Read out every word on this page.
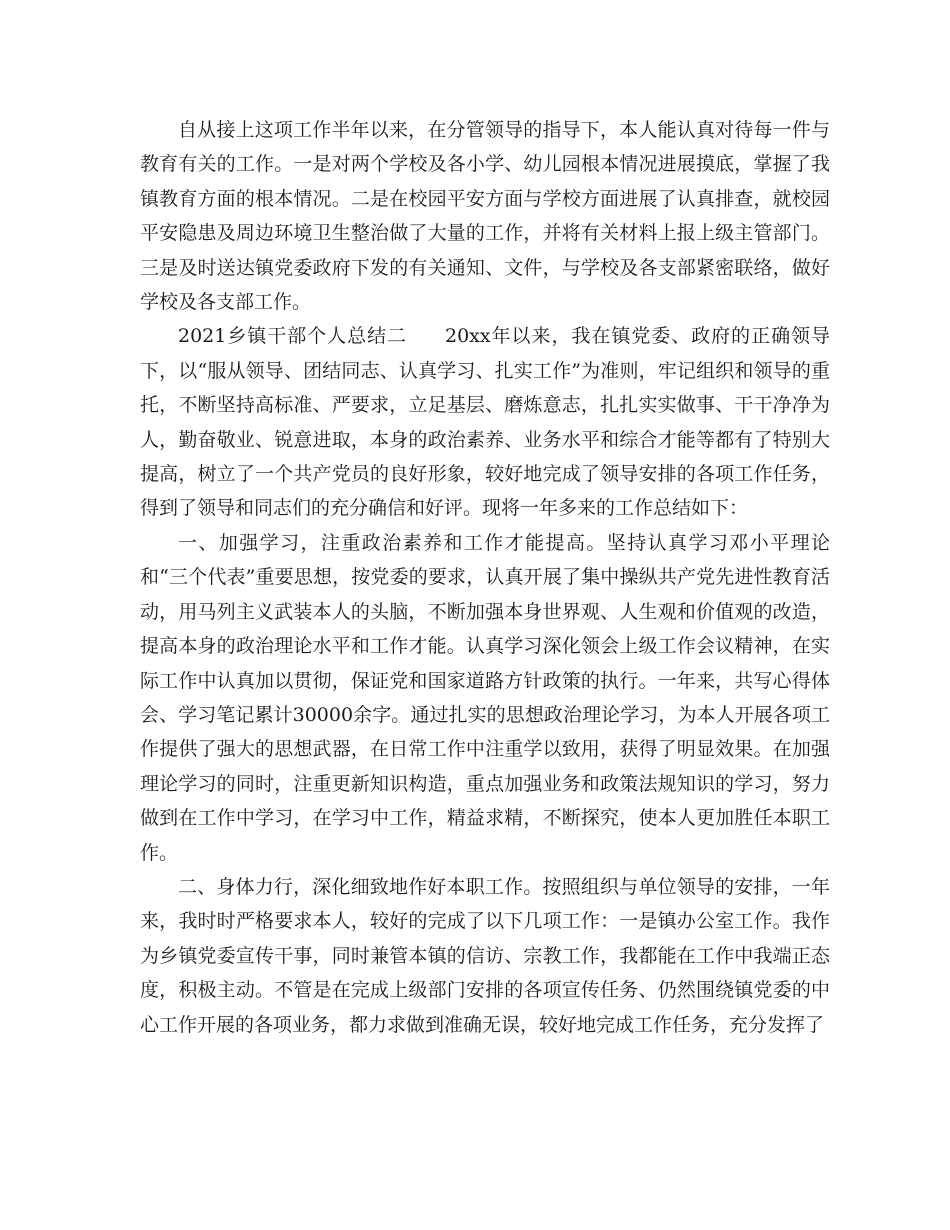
自从接上这项工作半年以来，在分管领导的指导下，本人能认真对待每一件与教育有关的工作。一是对两个学校及各小学、幼儿园根本情况进展摸底，掌握了我镇教育方面的根本情况。二是在校园平安方面与学校方面进展了认真排查，就校园平安隐患及周边环境卫生整治做了大量的工作，并将有关材料上报上级主管部门。三是及时送达镇党委政府下发的有关通知、文件，与学校及各支部紧密联络，做好学校及各支部工作。

2021乡镇干部个人总结二 20xx年以来，我在镇党委、政府的正确领导下，以“服从领导、团结同志、认真学习、扎实工作”为准则，牢记组织和领导的重托，不断坚持高标准、严要求，立足基层、磨炼意志，扎扎实实做事、干干净净为人，勤奋敬业、锐意进取，本身的政治素养、业务水平和综合才能等都有了特别大提高，树立了一个共产党员的良好形象，较好地完成了领导安排的各项工作任务，得到了领导和同志们的充分确信和好评。现将一年多来的工作总结如下：

一、加强学习，注重政治素养和工作才能提高。坚持认真学习邓小平理论和“三个代表”重要思想，按党委的要求，认真开展了集中操纵共产党先进性教育活动，用马列主义武装本人的头脑，不断加强本身世界观、人生观和价值观的改造，提高本身的政治理论水平和工作才能。认真学习深化领会上级工作会议精神，在实际工作中认真加以贯彻，保证党和国家道路方针政策的执行。一年来，共写心得体会、学习笔记累计30000余字。通过扎实的思想政治理论学习，为本人开展各项工作提供了强大的思想武器，在日常工作中注重学以致用，获得了明显效果。在加强理论学习的同时，注重更新知识构造，重点加强业务和政策法规知识的学习，努力做到在工作中学习，在学习中工作，精益求精，不断探究，使本人更加胜任本职工作。

二、身体力行，深化细致地作好本职工作。按照组织与单位领导的安排，一年来，我时时严格要求本人，较好的完成了以下几项工作：一是镇办公室工作。我作为乡镇党委宣传干事，同时兼管本镇的信访、宗教工作，我都能在工作中我端正态度，积极主动。不管是在完成上级部门安排的各项宣传任务、仍然围绕镇党委的中心工作开展的各项业务，都力求做到准确无误，较好地完成工作任务，充分发挥了
